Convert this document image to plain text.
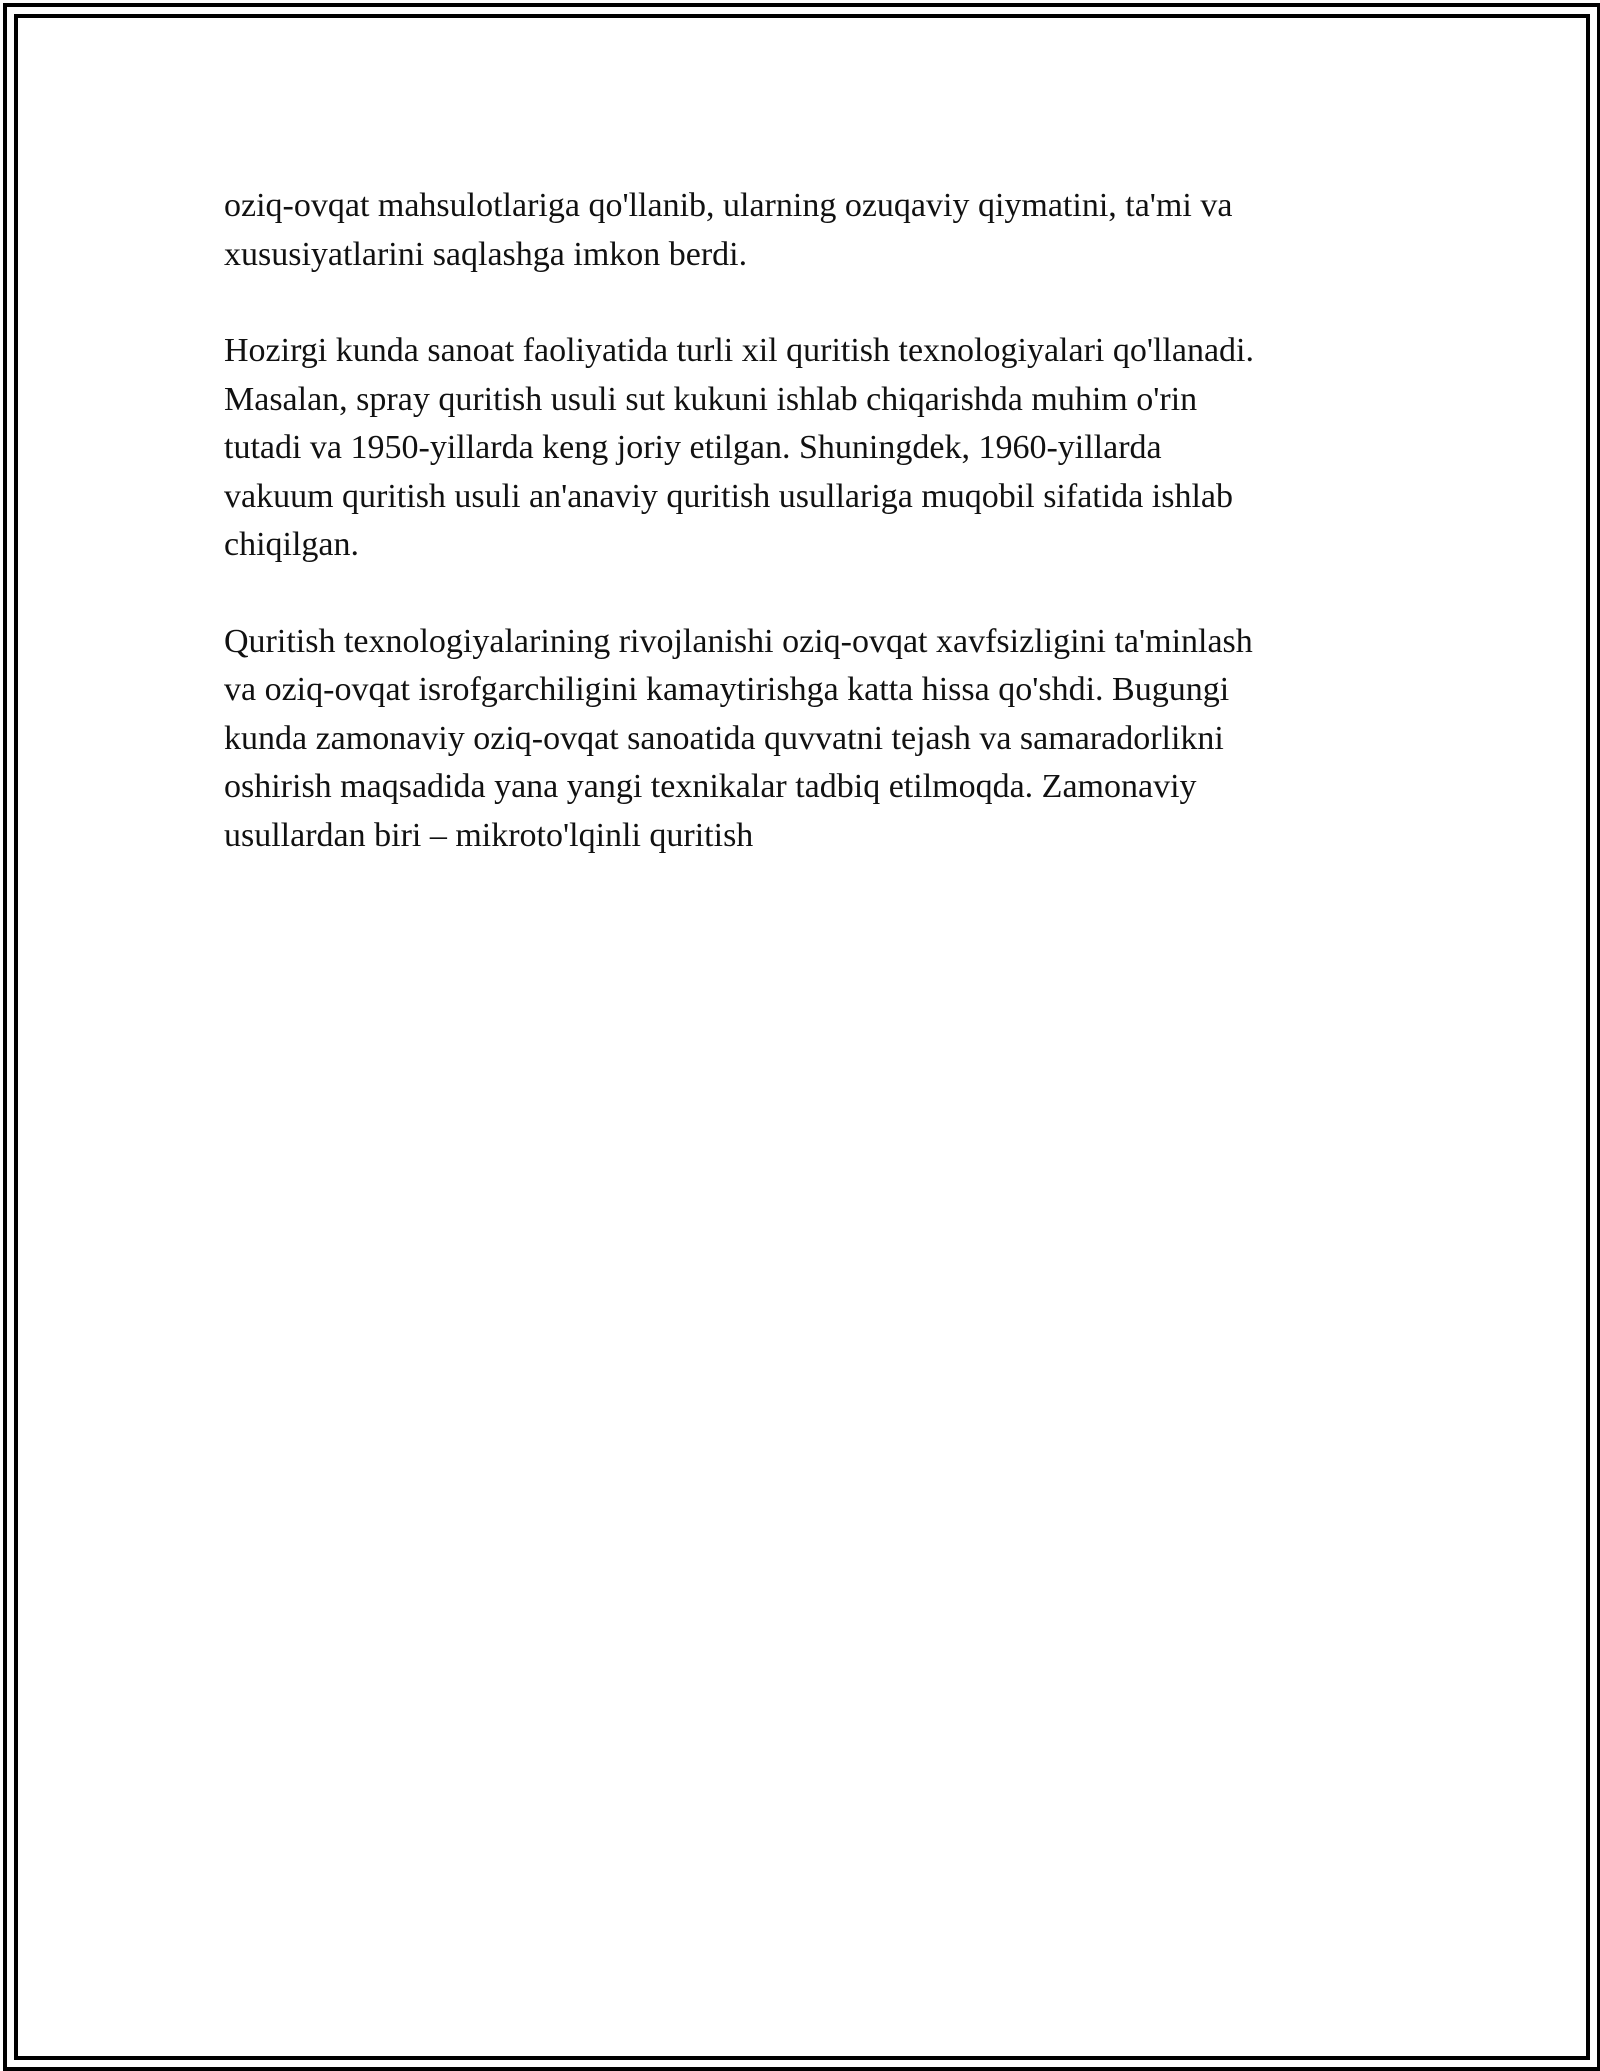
oziq-ovqat mahsulotlariga qo'llanib, ularning ozuqaviy qiymatini, ta'mi va
xususiyatlarini saqlashga imkon berdi.
Hozirgi kunda sanoat faoliyatida turli xil quritish texnologiyalari qo'llanadi.
Masalan, spray quritish usuli sut kukuni ishlab chiqarishda muhim o'rin
tutadi va 1950-yillarda keng joriy etilgan. Shuningdek, 1960-yillarda
vakuum quritish usuli an'anaviy quritish usullariga muqobil sifatida ishlab
chiqilgan.
Quritish texnologiyalarining rivojlanishi oziq-ovqat xavfsizligini ta'minlash
va oziq-ovqat isrofgarchiligini kamaytirishga katta hissa qo'shdi. Bugungi
kunda zamonaviy oziq-ovqat sanoatida quvvatni tejash va samaradorlikni
oshirish maqsadida yana yangi texnikalar tadbiq etilmoqda. Zamonaviy
usullardan biri – mikroto'lqinli quritish
